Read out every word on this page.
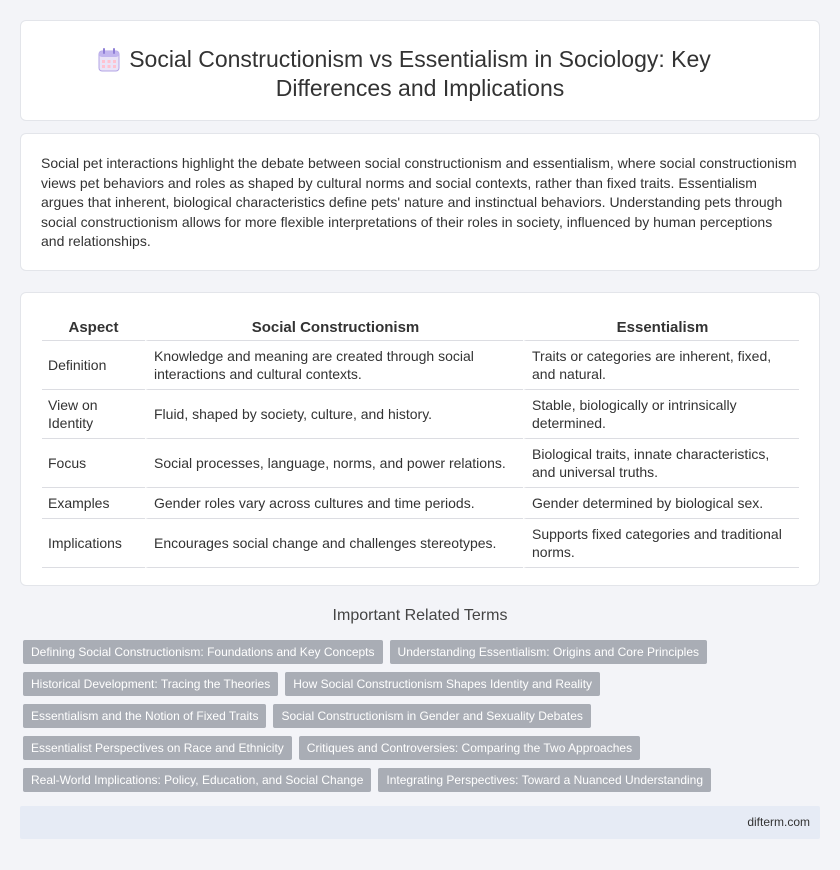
Social Constructionism vs Essentialism in Sociology: Key Differences and Implications

Social pet interactions highlight the debate between social constructionism and essentialism, where social constructionism views pet behaviors and roles as shaped by cultural norms and social contexts, rather than fixed traits. Essentialism argues that inherent, biological characteristics define pets' nature and instinctual behaviors. Understanding pets through social constructionism allows for more flexible interpretations of their roles in society, influenced by human perceptions and relationships.

Aspect	Social Constructionism	Essentialism
Definition	Knowledge and meaning are created through social interactions and cultural contexts.	Traits or categories are inherent, fixed, and natural.
View on Identity	Fluid, shaped by society, culture, and history.	Stable, biologically or intrinsically determined.
Focus	Social processes, language, norms, and power relations.	Biological traits, innate characteristics, and universal truths.
Examples	Gender roles vary across cultures and time periods.	Gender determined by biological sex.
Implications	Encourages social change and challenges stereotypes.	Supports fixed categories and traditional norms.
Important Related Terms
Defining Social Constructionism: Foundations and Key Concepts	Understanding Essentialism: Origins and Core Principles
Historical Development: Tracing the Theories	How Social Constructionism Shapes Identity and Reality
Essentialism and the Notion of Fixed Traits	Social Constructionism in Gender and Sexuality Debates
Essentialist Perspectives on Race and Ethnicity	Critiques and Controversies: Comparing the Two Approaches
Real-World Implications: Policy, Education, and Social Change	Integrating Perspectives: Toward a Nuanced Understanding
difterm.com
